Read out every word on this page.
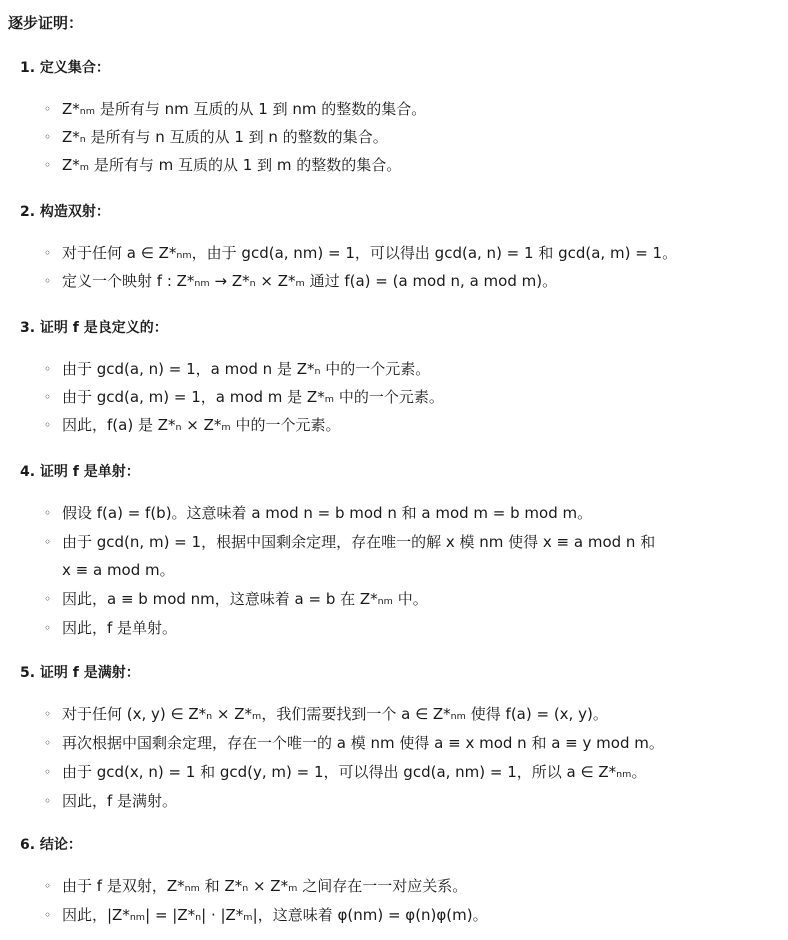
逐步证明：
1. 定义集合：
◦ Z*ₙₘ 是所有与 nm 互质的从 1 到 nm 的整数的集合。
◦ Z*ₙ 是所有与 n 互质的从 1 到 n 的整数的集合。
◦ Z*ₘ 是所有与 m 互质的从 1 到 m 的整数的集合。
2. 构造双射：
◦ 对于任何 a ∈ Z*ₙₘ，由于 gcd(a, nm) = 1，可以得出 gcd(a, n) = 1 和 gcd(a, m) = 1。
◦ 定义一个映射 f : Z*ₙₘ → Z*ₙ × Z*ₘ 通过 f(a) = (a mod n, a mod m)。
3. 证明 f 是良定义的：
◦ 由于 gcd(a, n) = 1，a mod n 是 Z*ₙ 中的一个元素。
◦ 由于 gcd(a, m) = 1，a mod m 是 Z*ₘ 中的一个元素。
◦ 因此，f(a) 是 Z*ₙ × Z*ₘ 中的一个元素。
4. 证明 f 是单射：
◦ 假设 f(a) = f(b)。这意味着 a mod n = b mod n 和 a mod m = b mod m。
◦ 由于 gcd(n, m) = 1，根据中国剩余定理，存在唯一的解 x 模 nm 使得 x ≡ a mod n 和
x ≡ a mod m。
◦ 因此，a ≡ b mod nm，这意味着 a = b 在 Z*ₙₘ 中。
◦ 因此，f 是单射。
5. 证明 f 是满射：
◦ 对于任何 (x, y) ∈ Z*ₙ × Z*ₘ，我们需要找到一个 a ∈ Z*ₙₘ 使得 f(a) = (x, y)。
◦ 再次根据中国剩余定理，存在一个唯一的 a 模 nm 使得 a ≡ x mod n 和 a ≡ y mod m。
◦ 由于 gcd(x, n) = 1 和 gcd(y, m) = 1，可以得出 gcd(a, nm) = 1，所以 a ∈ Z*ₙₘ。
◦ 因此，f 是满射。
6. 结论：
◦ 由于 f 是双射，Z*ₙₘ 和 Z*ₙ × Z*ₘ 之间存在一一对应关系。
◦ 因此，|Z*ₙₘ| = |Z*ₙ| · |Z*ₘ|，这意味着 φ(nm) = φ(n)φ(m)。
